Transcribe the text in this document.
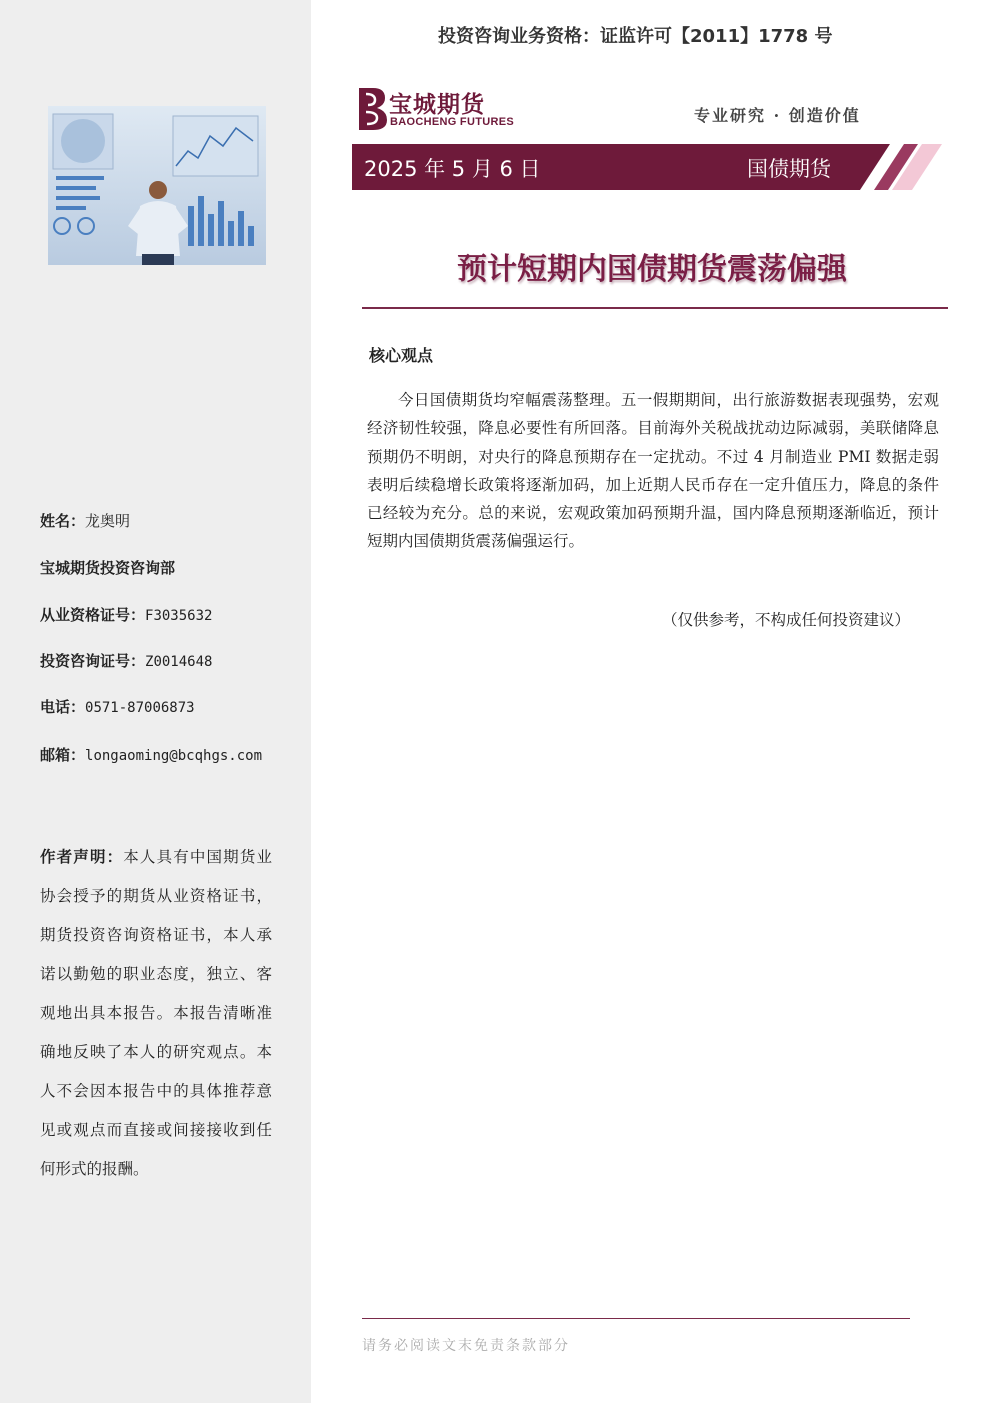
姓名：龙奥明
宝城期货投资咨询部
从业资格证号：F3035632
投资咨询证号：Z0014648
电话：0571-87006873
邮箱：longaoming@bcqhgs.com
作者声明：本人具有中国期货业协会授予的期货从业资格证书，期货投资咨询资格证书，本人承诺以勤勉的职业态度，独立、客观地出具本报告。本报告清晰准确地反映了本人的研究观点。本人不会因本报告中的具体推荐意见或观点而直接或间接接收到任何形式的报酬。
投资咨询业务资格：证监许可【2011】1778 号
宝城期货
BAOCHENG FUTURES	专业研究 · 创造价值
2025 年 5 月 6 日	国债期货
预计短期内国债期货震荡偏强
核心观点
今日国债期货均窄幅震荡整理。五一假期期间，出行旅游数据表现强势，宏观经济韧性较强，降息必要性有所回落。目前海外关税战扰动边际减弱，美联储降息预期仍不明朗，对央行的降息预期存在一定扰动。不过 4 月制造业 PMI 数据走弱表明后续稳增长政策将逐渐加码，加上近期人民币存在一定升值压力，降息的条件已经较为充分。总的来说，宏观政策加码预期升温，国内降息预期逐渐临近，预计短期内国债期货震荡偏强运行。
（仅供参考，不构成任何投资建议）
请务必阅读文末免责条款部分
